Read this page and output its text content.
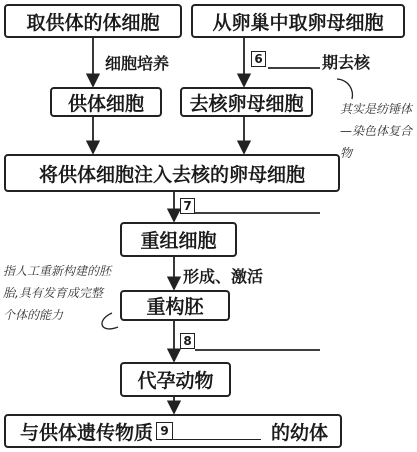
取供体的体细胞	从卵巢中取卵母细胞
细胞培养	6	期去核
供体细胞 去核卵母细胞	其实是纺锤体—染色体复合物
将供体细胞注入去核的卵母细胞
7
重组细胞
形成、激活
指人工重新构建的胚胎,具有发育成完整个体的能力	重构胚
8
代孕动物
与供体遗传物质 9	的幼体
